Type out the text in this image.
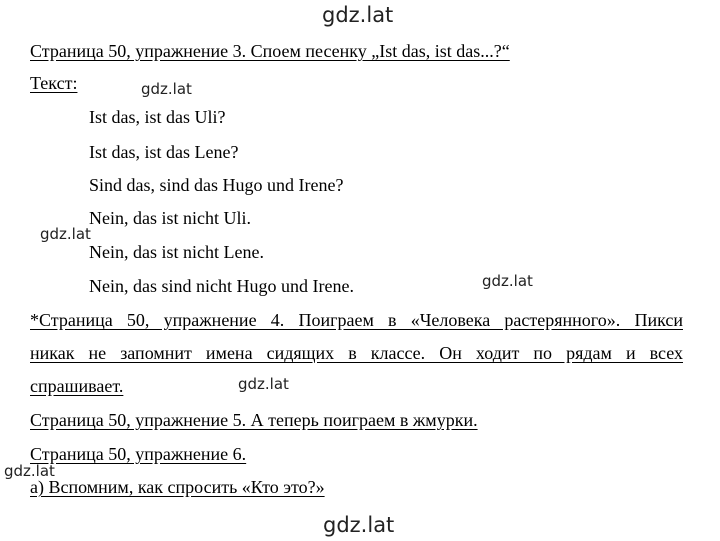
gdz.lat
gdz.lat
gdz.lat
gdz.lat
gdz.lat
gdz.lat
gdz.lat
Страница 50, упражнение 3. Споем песенку „Ist das, ist das...?“
Текст:
Ist das, ist das Uli?
Ist das, ist das Lene?
Sind das, sind das Hugo und Irene?
Nein, das ist nicht Uli.
Nein, das ist nicht Lene.
Nein, das sind nicht Hugo und Irene.
*Страница 50, упражнение 4. Поиграем в «Человека растерянного». Пикси
никак не запомнит имена сидящих в классе. Он ходит по рядам и всех
спрашивает.
Страница 50, упражнение 5. А теперь поиграем в жмурки.
Страница 50, упражнение 6.
а) Вспомним, как спросить «Кто это?»
